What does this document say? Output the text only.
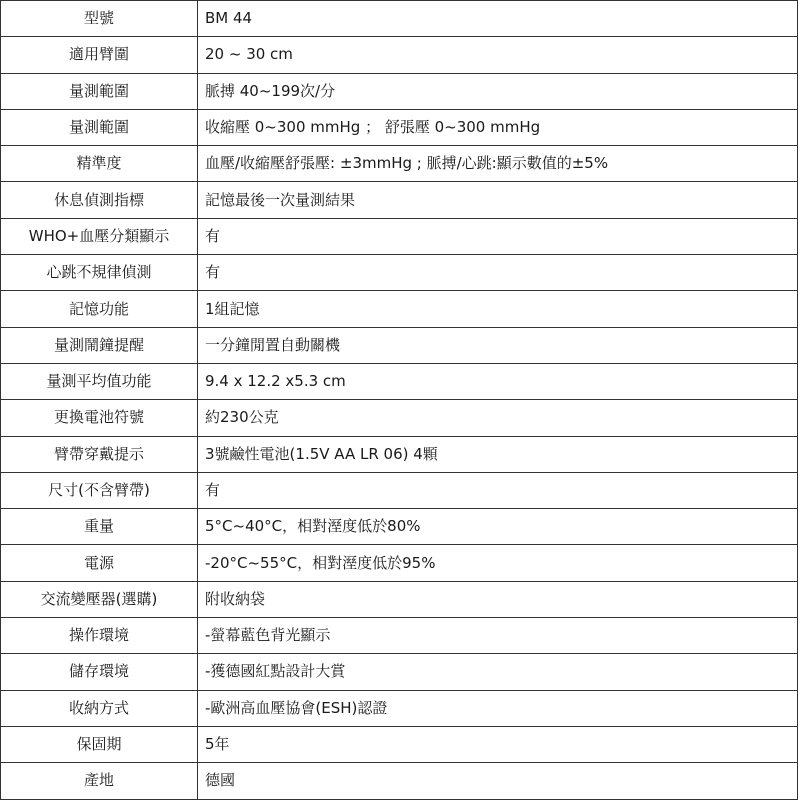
型號	BM 44
適用臂圍	20 ~ 30 cm
量測範圍	脈搏 40~199次/分
量測範圍	收縮壓 0~300 mmHg ； 舒張壓 0~300 mmHg
精準度	血壓/收縮壓舒張壓: ±3mmHg ; 脈搏/心跳:顯示數值的±5%
休息偵測指標	記憶最後一次量測結果
WHO+血壓分類顯示	有
心跳不規律偵測	有
記憶功能	1組記憶
量測鬧鐘提醒	一分鐘閒置自動關機
量測平均值功能	9.4 x 12.2 x5.3 cm
更換電池符號	約230公克
臂帶穿戴提示	3號鹼性電池(1.5V AA LR 06) 4顆
尺寸(不含臂帶)	有
重量	5°C~40°C，相對溼度低於80%
電源	-20°C~55°C，相對溼度低於95%
交流變壓器(選購)	附收納袋
操作環境	-螢幕藍色背光顯示
儲存環境	-獲德國紅點設計大賞
收納方式	-歐洲高血壓協會(ESH)認證
保固期	5年
產地	德國
